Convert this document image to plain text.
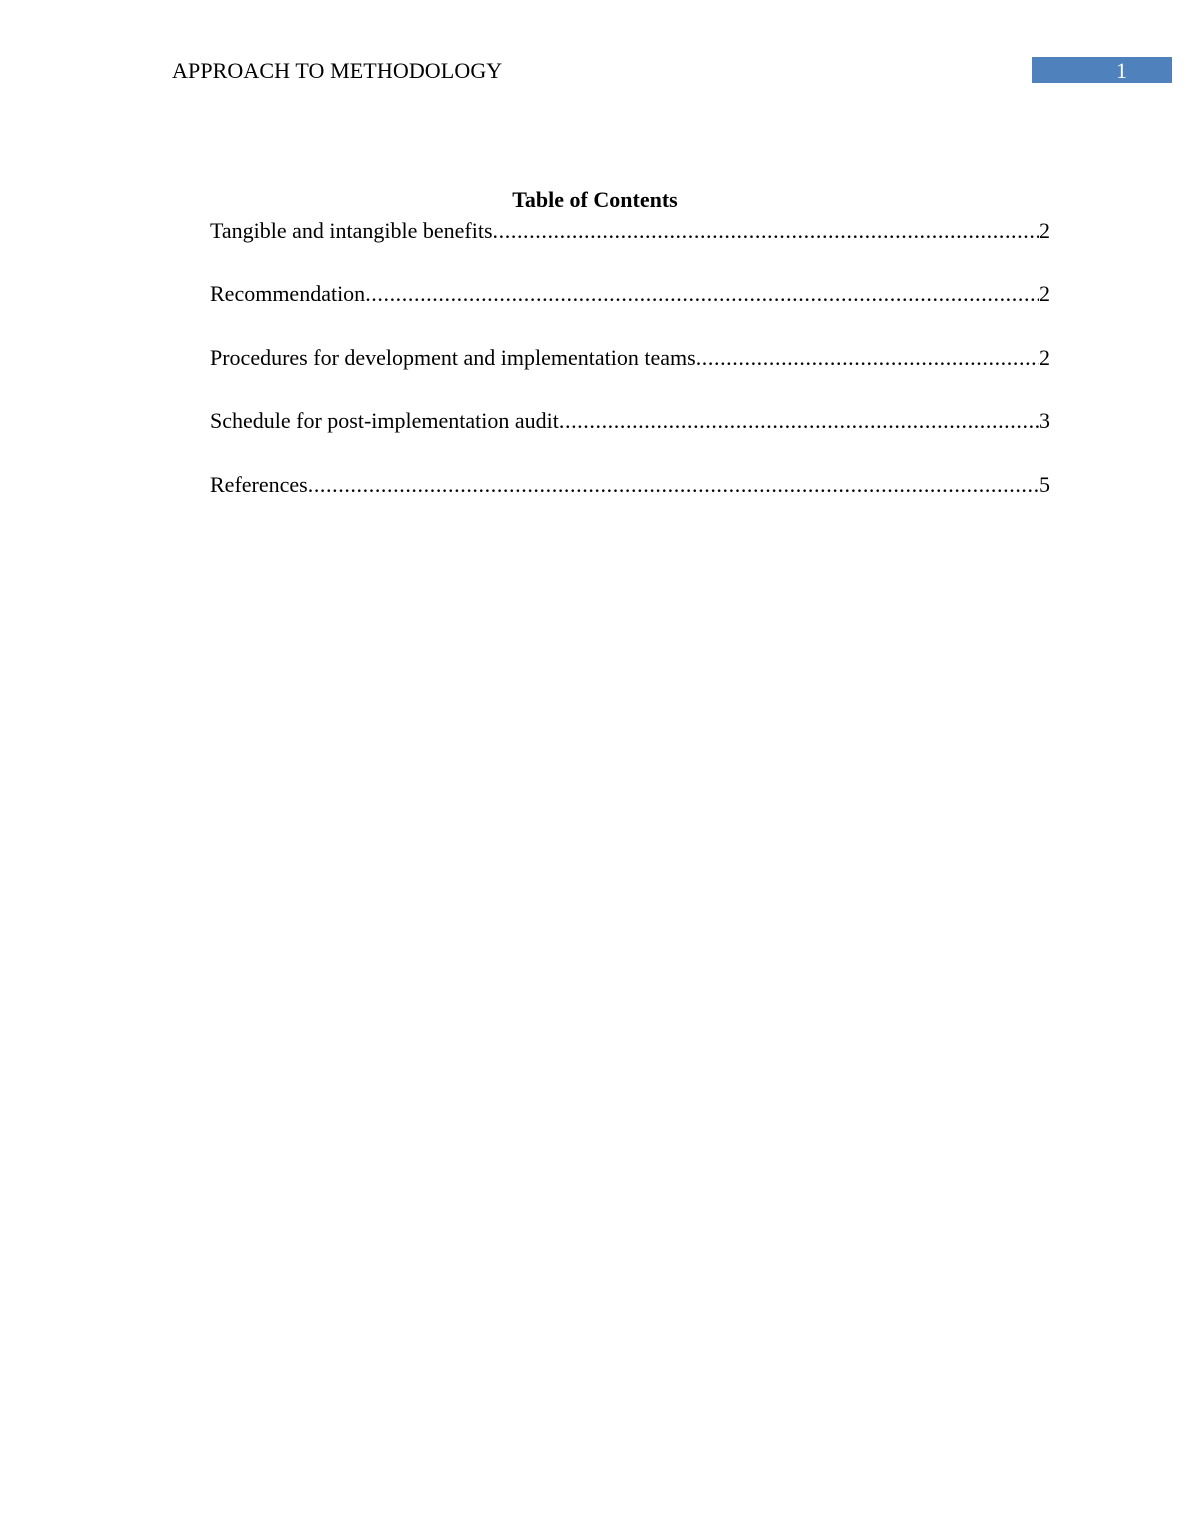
APPROACH TO METHODOLOGY	1
Table of Contents
Tangible and intangible benefits .....	2
Recommendation .....	2
Procedures for development and implementation teams .....	2
Schedule for post-implementation audit .....	3
References .....	5
